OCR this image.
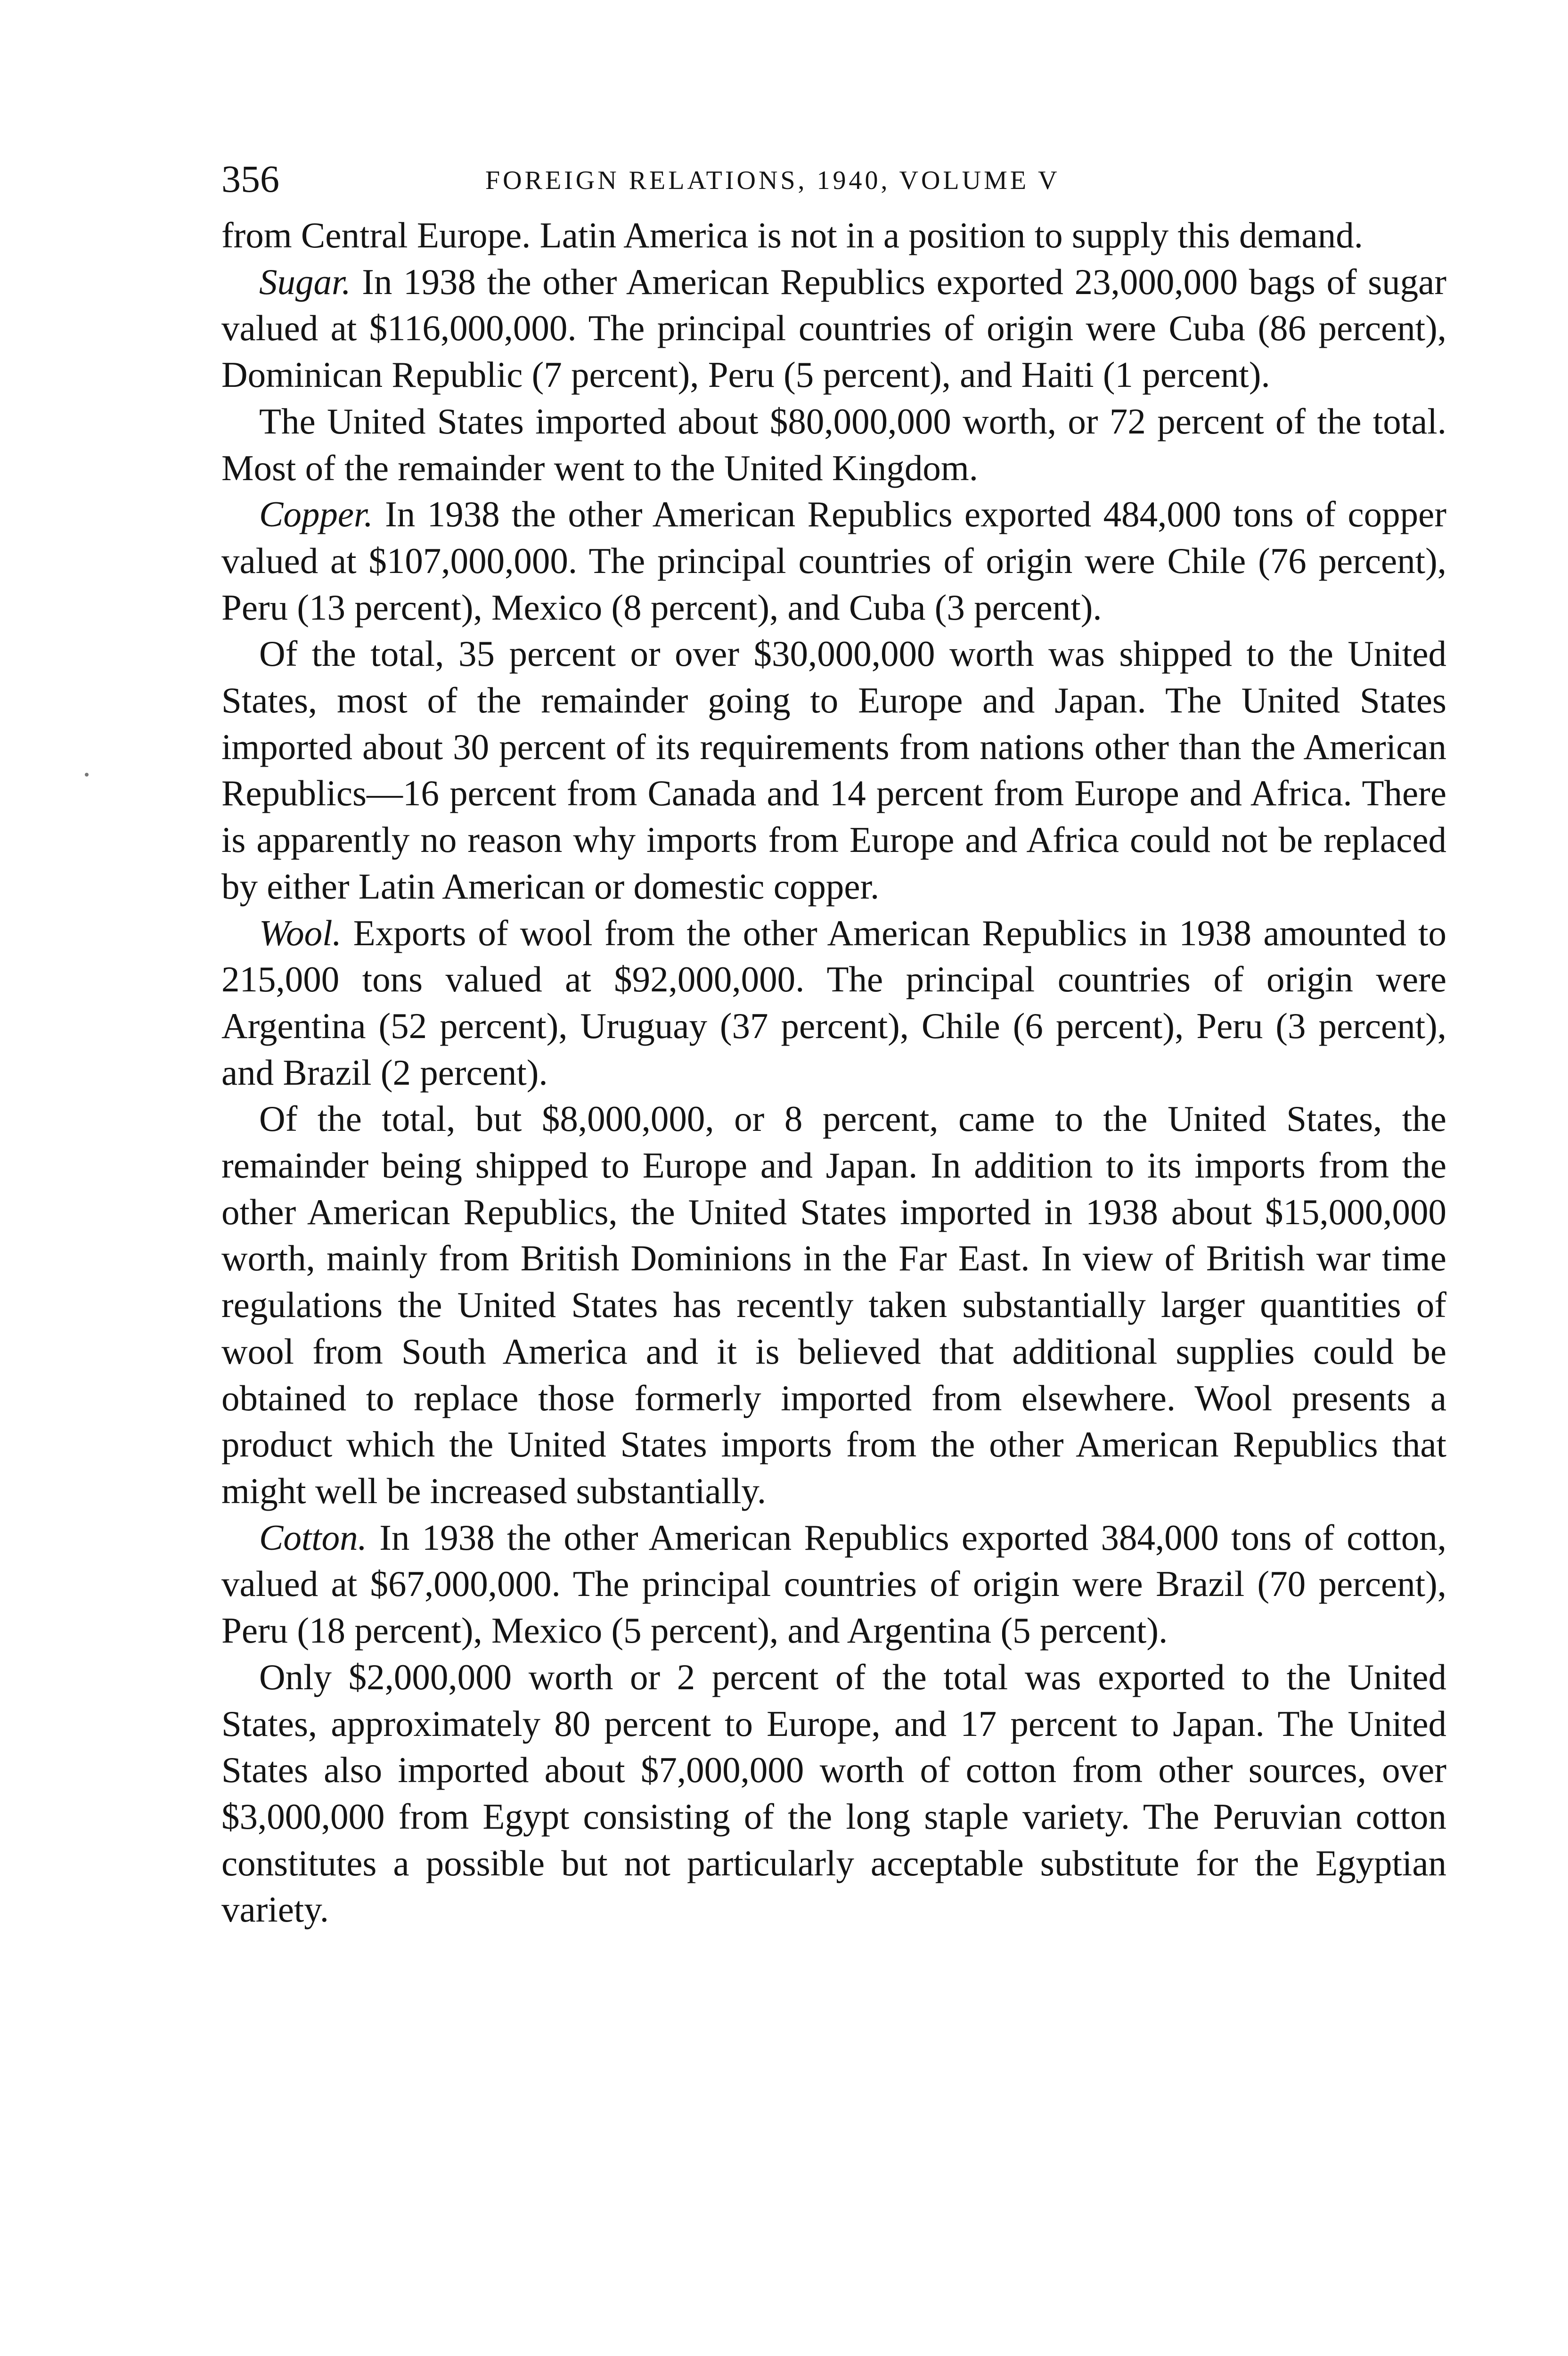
356	FOREIGN RELATIONS, 1940, VOLUME V

from Central Europe. Latin America is not in a position to supply this demand.

Sugar. In 1938 the other American Republics exported 23,000,000 bags of sugar valued at $116,000,000. The principal countries of origin were Cuba (86 percent), Dominican Republic (7 percent), Peru (5 percent), and Haiti (1 percent).

The United States imported about $80,000,000 worth, or 72 percent of the total. Most of the remainder went to the United Kingdom.

Copper. In 1938 the other American Republics exported 484,000 tons of copper valued at $107,000,000. The principal countries of origin were Chile (76 percent), Peru (13 percent), Mexico (8 percent), and Cuba (3 percent).

Of the total, 35 percent or over $30,000,000 worth was shipped to the United States, most of the remainder going to Europe and Japan. The United States imported about 30 percent of its requirements from nations other than the American Republics—16 percent from Canada and 14 percent from Europe and Africa. There is apparently no reason why imports from Europe and Africa could not be replaced by either Latin American or domestic copper.

Wool. Exports of wool from the other American Republics in 1938 amounted to 215,000 tons valued at $92,000,000. The principal countries of origin were Argentina (52 percent), Uruguay (37 percent), Chile (6 percent), Peru (3 percent), and Brazil (2 percent).

Of the total, but $8,000,000, or 8 percent, came to the United States, the remainder being shipped to Europe and Japan. In addition to its imports from the other American Republics, the United States imported in 1938 about $15,000,000 worth, mainly from British Dominions in the Far East. In view of British war time regulations the United States has recently taken substantially larger quantities of wool from South America and it is believed that additional supplies could be obtained to replace those formerly imported from elsewhere. Wool presents a product which the United States imports from the other American Republics that might well be increased substantially.

Cotton. In 1938 the other American Republics exported 384,000 tons of cotton, valued at $67,000,000. The principal countries of origin were Brazil (70 percent), Peru (18 percent), Mexico (5 percent), and Argentina (5 percent).

Only $2,000,000 worth or 2 percent of the total was exported to the United States, approximately 80 percent to Europe, and 17 percent to Japan. The United States also imported about $7,000,000 worth of cotton from other sources, over $3,000,000 from Egypt consisting of the long staple variety. The Peruvian cotton constitutes a possible but not particularly acceptable substitute for the Egyptian variety.
